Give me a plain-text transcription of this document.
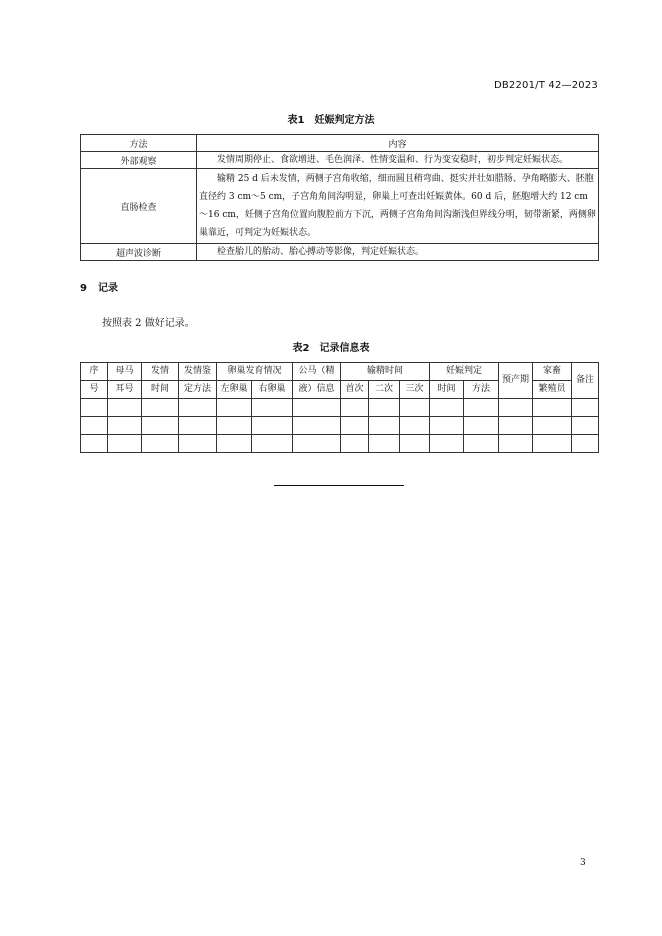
DB2201/T 42—2023
表1　妊娠判定方法
方法	内容
外部观察	发情周期停止、食欲增进、毛色润泽、性情变温和、行为变安稳时，初步判定妊娠状态。
直肠检查	输精 25 d 后未发情，两侧子宫角收缩，细而圆且稍弯曲、挺实并壮如腊肠、孕角略膨大、胚胞直径约 3 cm～5 cm，子宫角角间沟明显，卵巢上可查出妊娠黄体。60 d 后，胚胞增大约 12 cm～16 cm，妊侧子宫角位置向腹腔前方下沉，两侧子宫角角间沟渐浅但界线分明，韧带渐紧，两侧卵巢靠近，可判定为妊娠状态。
超声波诊断	检查胎儿的胎动、胎心搏动等影像，判定妊娠状态。
9 记录
按照表 2 做好记录。
表2　记录信息表
序	母马	发情	发情鉴	卵巢发育情况		公马（精	输精时间			妊娠判定		预产期	家畜	备注
号	耳号	时间	定方法	左卵巢	右卵巢	液）信息	首次	二次	三次	时间	方法		繁殖员	

3
